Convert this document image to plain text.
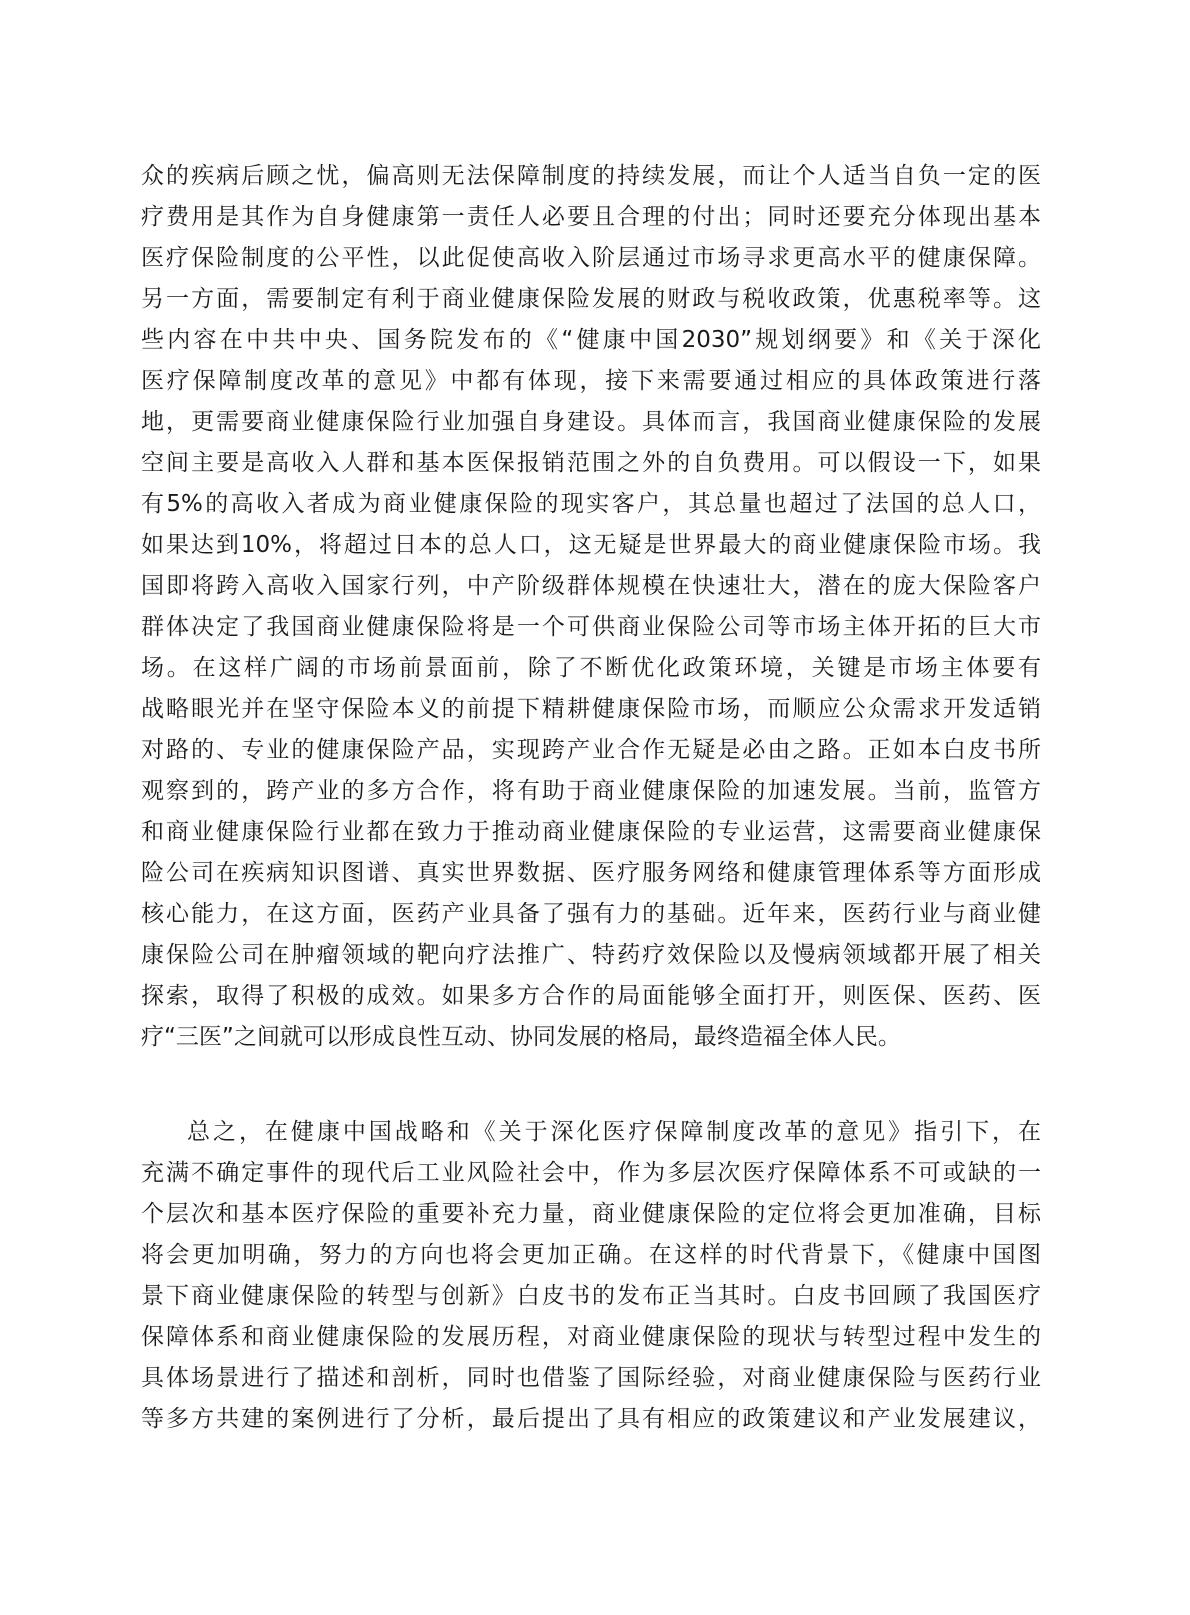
众的疾病后顾之忧，偏高则无法保障制度的持续发展，而让个人适当自负一定的医
疗费用是其作为自身健康第一责任人必要且合理的付出；同时还要充分体现出基本
医疗保险制度的公平性，以此促使高收入阶层通过市场寻求更高水平的健康保障。
另一方面，需要制定有利于商业健康保险发展的财政与税收政策，优惠税率等。这
些内容在中共中央、国务院发布的《“健康中国2030”规划纲要》和《关于深化
医疗保障制度改革的意见》中都有体现，接下来需要通过相应的具体政策进行落
地，更需要商业健康保险行业加强自身建设。具体而言，我国商业健康保险的发展
空间主要是高收入人群和基本医保报销范围之外的自负费用。可以假设一下，如果
有5%的高收入者成为商业健康保险的现实客户，其总量也超过了法国的总人口，
如果达到10%，将超过日本的总人口，这无疑是世界最大的商业健康保险市场。我
国即将跨入高收入国家行列，中产阶级群体规模在快速壮大，潜在的庞大保险客户
群体决定了我国商业健康保险将是一个可供商业保险公司等市场主体开拓的巨大市
场。在这样广阔的市场前景面前，除了不断优化政策环境，关键是市场主体要有
战略眼光并在坚守保险本义的前提下精耕健康保险市场，而顺应公众需求开发适销
对路的、专业的健康保险产品，实现跨产业合作无疑是必由之路。正如本白皮书所
观察到的，跨产业的多方合作，将有助于商业健康保险的加速发展。当前，监管方
和商业健康保险行业都在致力于推动商业健康保险的专业运营，这需要商业健康保
险公司在疾病知识图谱、真实世界数据、医疗服务网络和健康管理体系等方面形成
核心能力，在这方面，医药产业具备了强有力的基础。近年来，医药行业与商业健
康保险公司在肿瘤领域的靶向疗法推广、特药疗效保险以及慢病领域都开展了相关
探索，取得了积极的成效。如果多方合作的局面能够全面打开，则医保、医药、医
疗“三医”之间就可以形成良性互动、协同发展的格局，最终造福全体人民。

总之，在健康中国战略和《关于深化医疗保障制度改革的意见》指引下，在
充满不确定事件的现代后工业风险社会中，作为多层次医疗保障体系不可或缺的一
个层次和基本医疗保险的重要补充力量，商业健康保险的定位将会更加准确，目标
将会更加明确，努力的方向也将会更加正确。在这样的时代背景下，《健康中国图
景下商业健康保险的转型与创新》白皮书的发布正当其时。白皮书回顾了我国医疗
保障体系和商业健康保险的发展历程，对商业健康保险的现状与转型过程中发生的
具体场景进行了描述和剖析，同时也借鉴了国际经验，对商业健康保险与医药行业
等多方共建的案例进行了分析，最后提出了具有相应的政策建议和产业发展建议，
